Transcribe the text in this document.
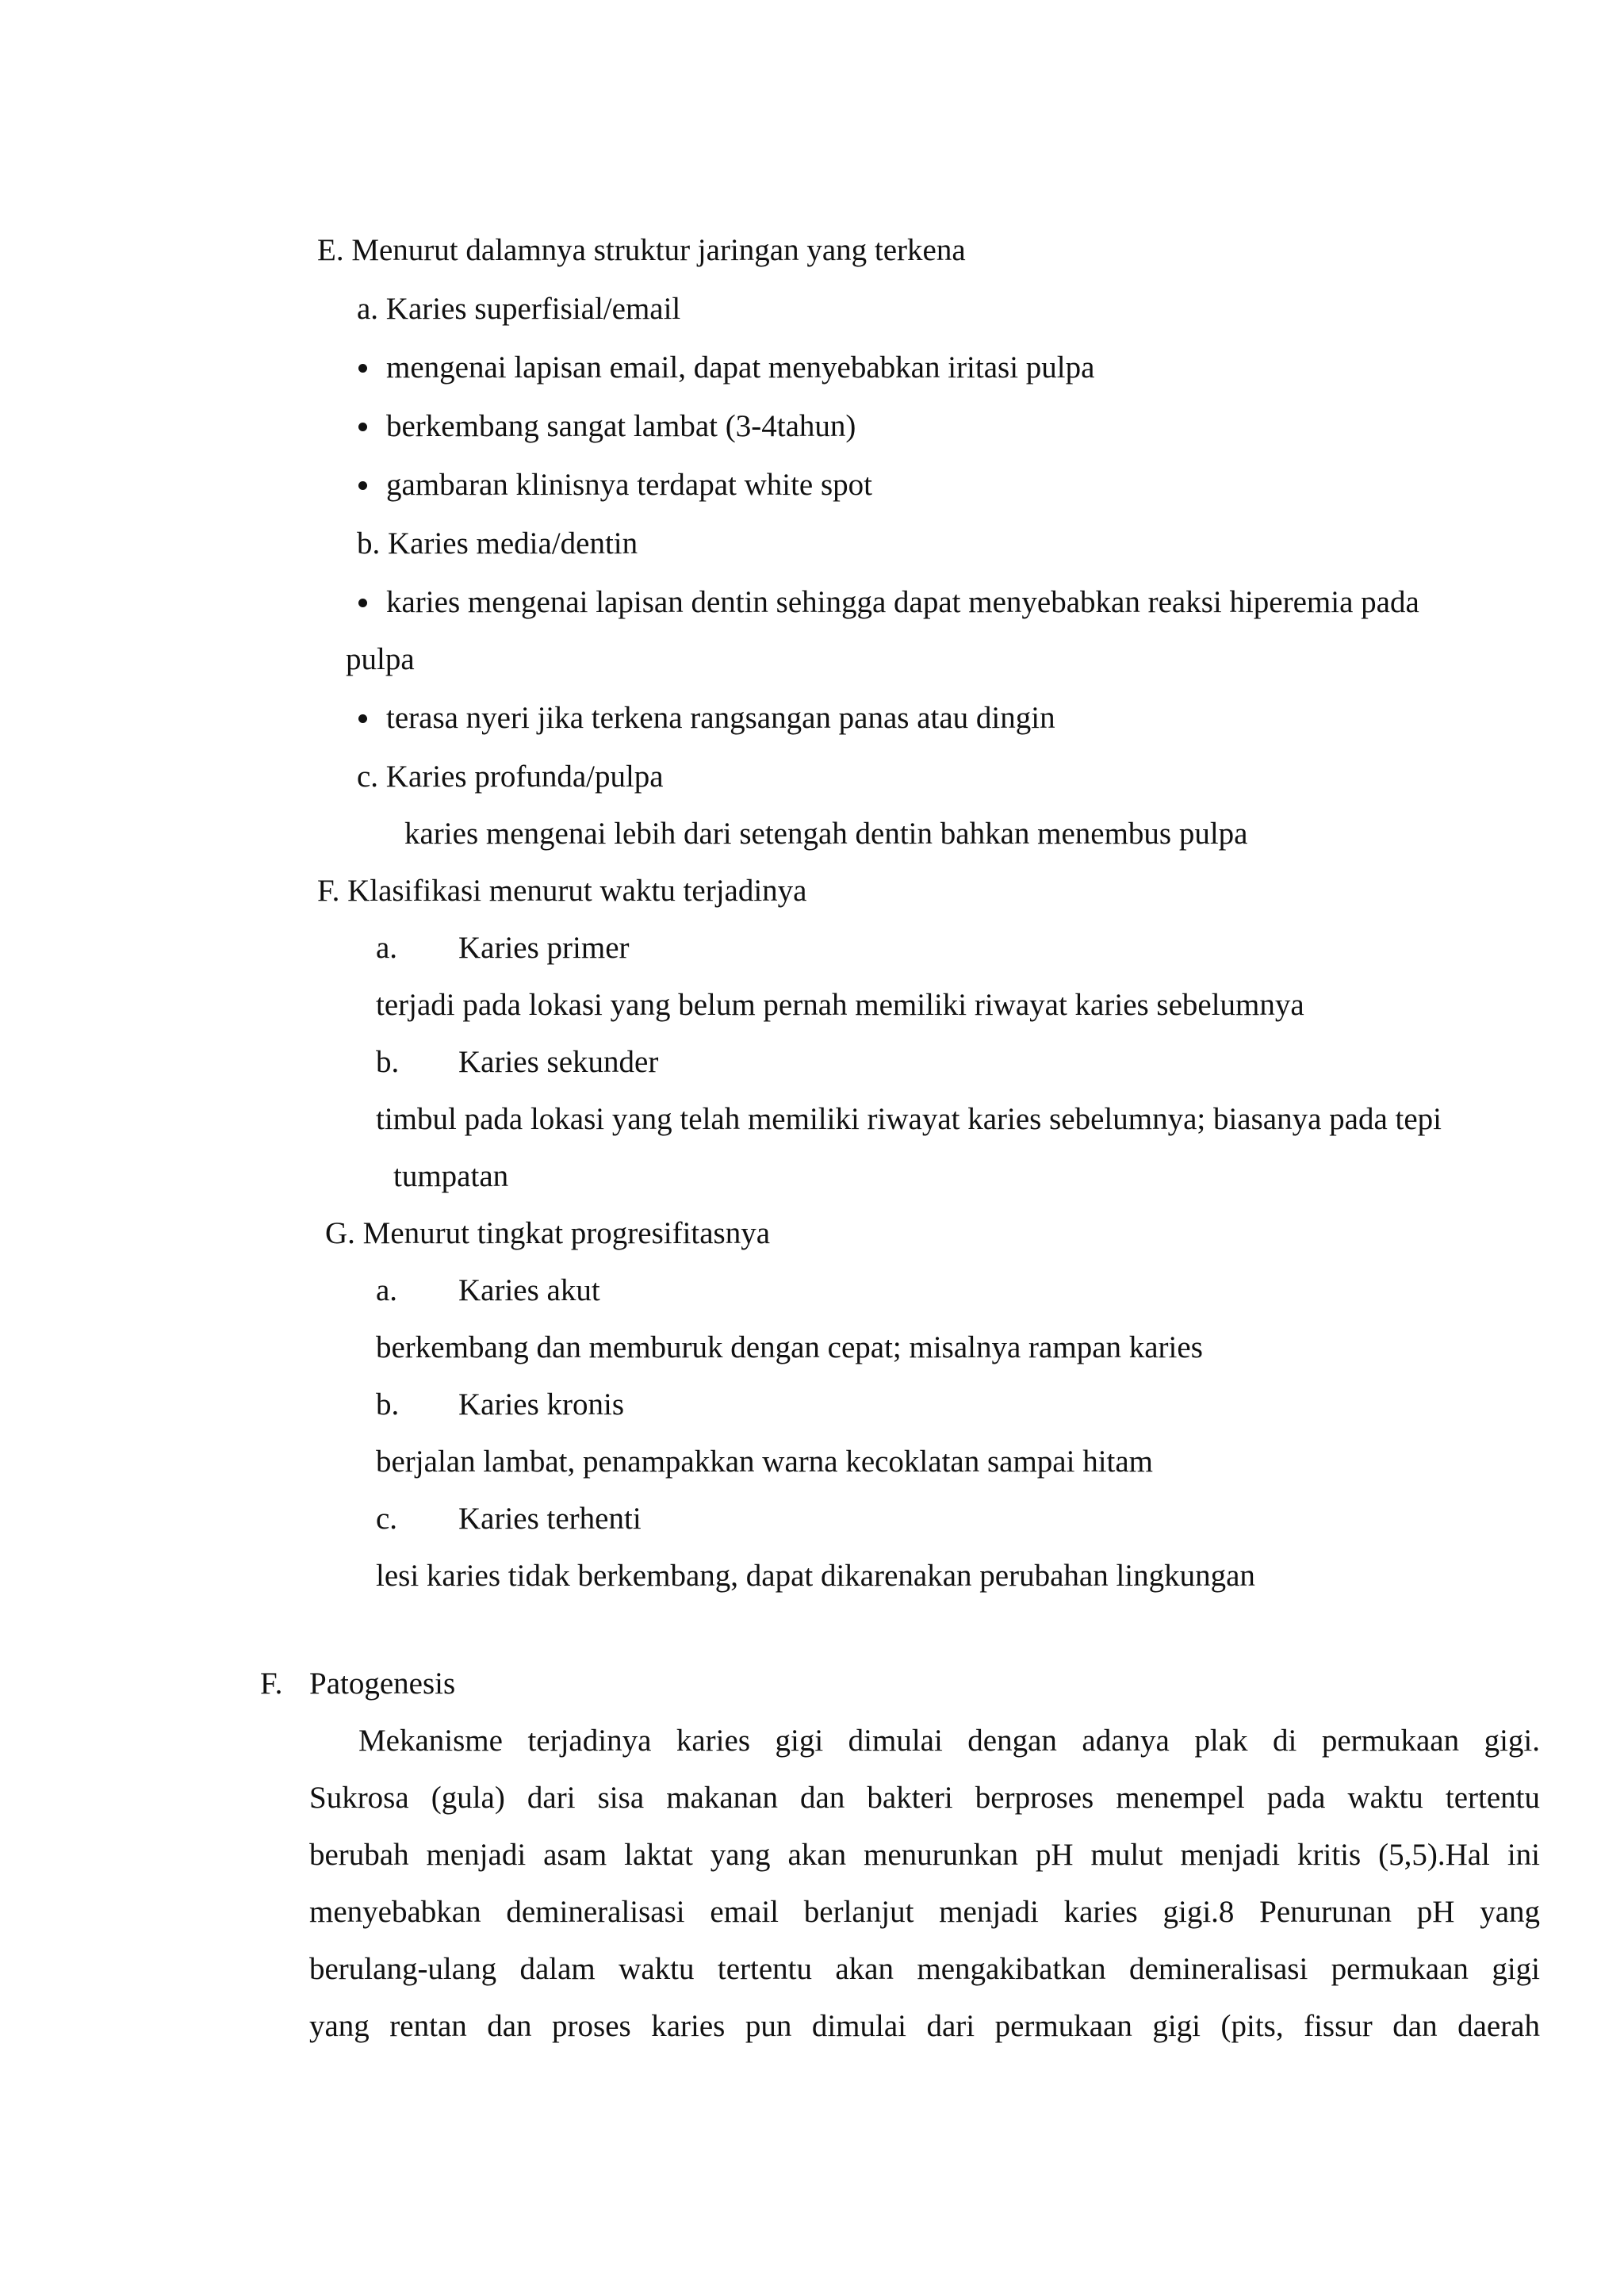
E. Menurut dalamnya struktur jaringan yang terkena
a. Karies superfisial/email
mengenai lapisan email, dapat menyebabkan iritasi pulpa
berkembang sangat lambat (3-4tahun)
gambaran klinisnya terdapat white spot
b. Karies media/dentin
karies mengenai lapisan dentin sehingga dapat menyebabkan reaksi hiperemia pada
pulpa
terasa nyeri jika terkena rangsangan panas atau dingin
c. Karies profunda/pulpa
karies mengenai lebih dari setengah dentin bahkan menembus pulpa
F. Klasifikasi menurut waktu terjadinya
a. Karies primer
terjadi pada lokasi yang belum pernah memiliki riwayat karies sebelumnya
b. Karies sekunder
timbul pada lokasi yang telah memiliki riwayat karies sebelumnya; biasanya pada tepi
tumpatan
G. Menurut tingkat progresifitasnya
a. Karies akut
berkembang dan memburuk dengan cepat; misalnya rampan karies
b. Karies kronis
berjalan lambat, penampakkan warna kecoklatan sampai hitam
c. Karies terhenti
lesi karies tidak berkembang, dapat dikarenakan perubahan lingkungan
F. Patogenesis
Mekanisme terjadinya karies gigi dimulai dengan adanya plak di permukaan gigi.
Sukrosa (gula) dari sisa makanan dan bakteri berproses menempel pada waktu tertentu
berubah menjadi asam laktat yang akan menurunkan pH mulut menjadi kritis (5,5).Hal ini
menyebabkan demineralisasi email berlanjut menjadi karies gigi.8 Penurunan pH yang
berulang-ulang dalam waktu tertentu akan mengakibatkan demineralisasi permukaan gigi
yang rentan dan proses karies pun dimulai dari permukaan gigi (pits, fissur dan daerah
